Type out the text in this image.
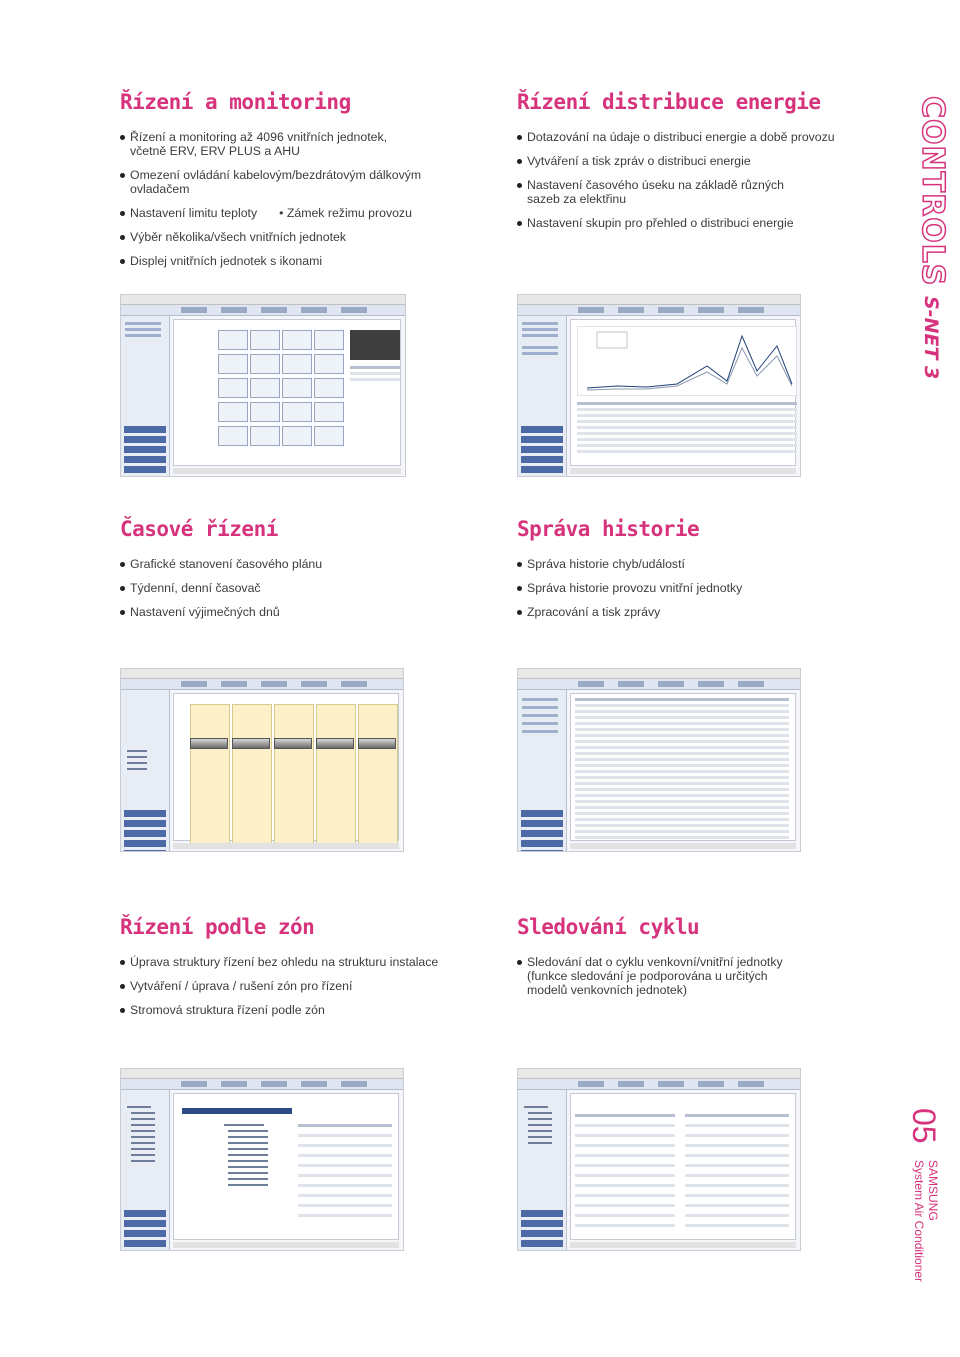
Řízení a monitoring
Řízení a monitoring až 4096 vnitřních jednotek,
včetně ERV, ERV PLUS a AHU
Omezení ovládání kabelovým/bezdrátovým dálkovým
ovladačem
Nastavení limitu teploty • Zámek režimu provozu
Výběr několika/všech vnitřních jednotek
Displej vnitřních jednotek s ikonami
Řízení distribuce energie
Dotazování na údaje o distribuci energie a době provozu
Vytváření a tisk zpráv o distribuci energie
Nastavení časového úseku na základě různých
sazeb za elektřinu
Nastavení skupin pro přehled o distribuci energie
Časové řízení
Grafické stanovení časového plánu
Týdenní, denní časovač
Nastavení výjimečných dnů
Správa historie
Správa historie chyb/událostí
Správa historie provozu vnitřní jednotky
Zpracování a tisk zprávy
Řízení podle zón
Úprava struktury řízení bez ohledu na strukturu instalace
Vytváření / úprava / rušení zón pro řízení
Stromová struktura řízení podle zón
Sledování cyklu
Sledování dat o cyklu venkovní/vnitřní jednotky
(funkce sledování je podporována u určitých
modelů venkovních jednotek)
CONTROLS
S-NET 3
05
SAMSUNG
System Air Conditioner
